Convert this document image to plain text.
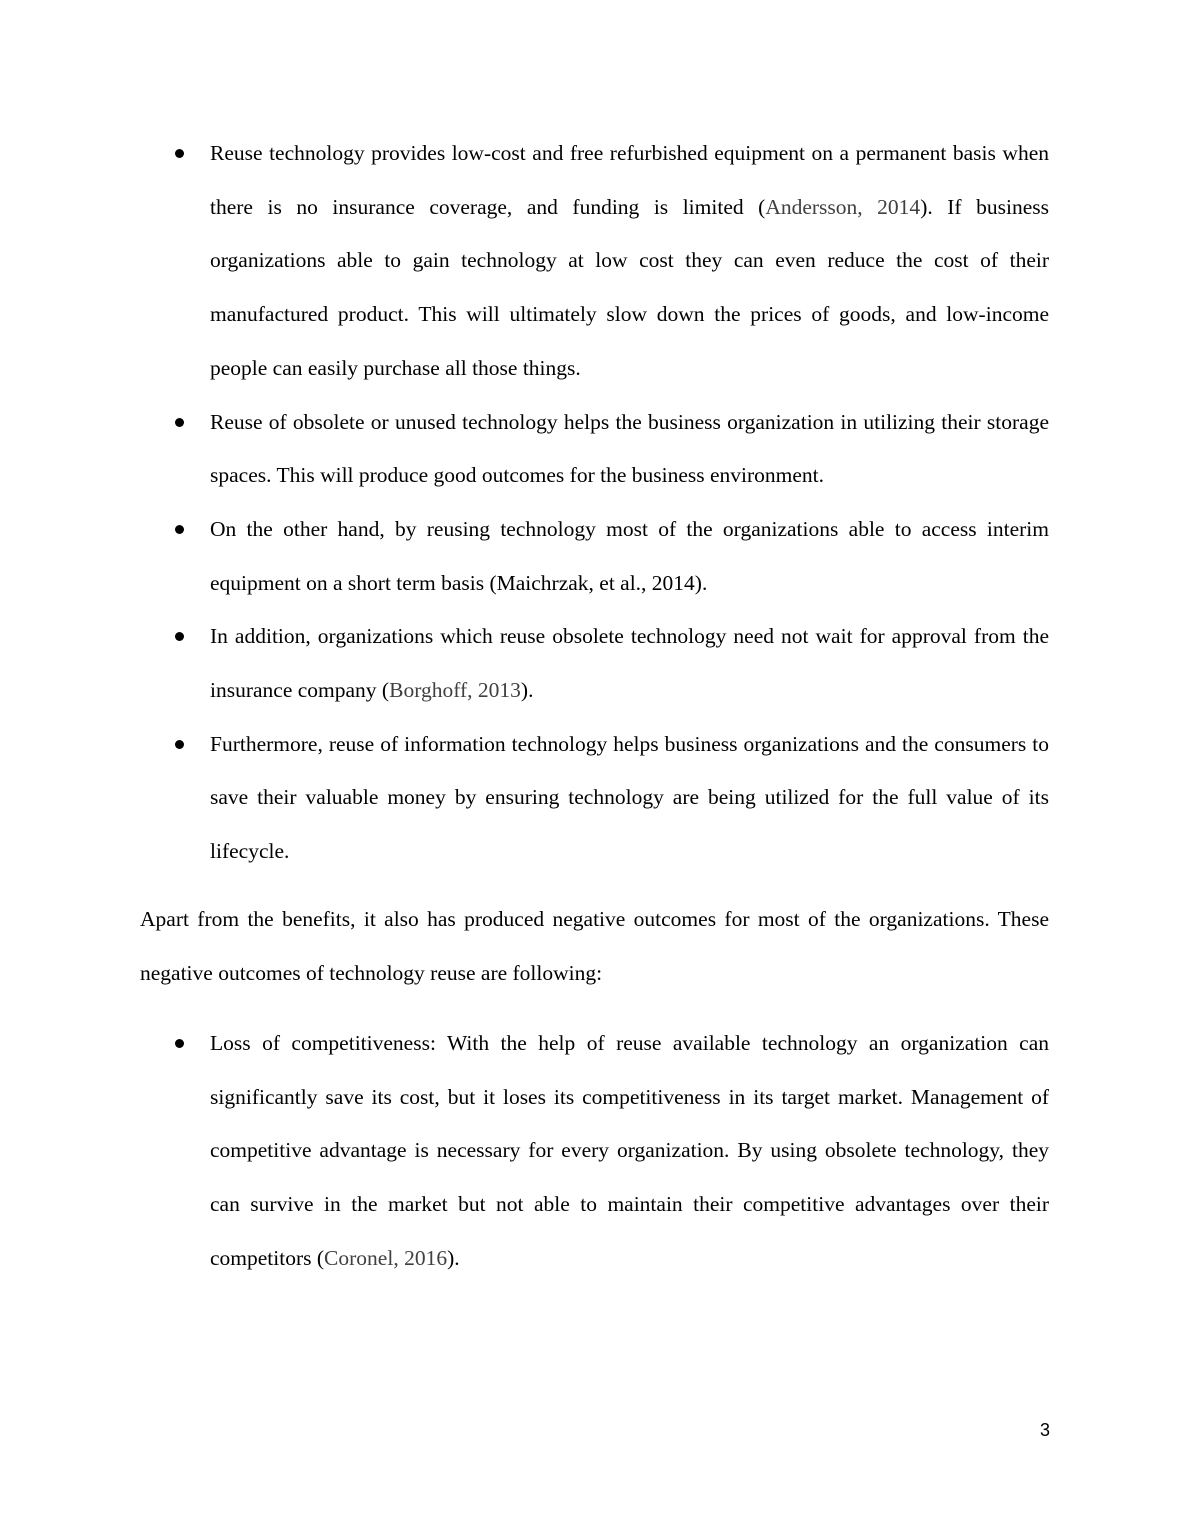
Reuse technology provides low-cost and free refurbished equipment on a permanent basis when there is no insurance coverage, and funding is limited (Andersson, 2014). If business organizations able to gain technology at low cost they can even reduce the cost of their manufactured product. This will ultimately slow down the prices of goods, and low-income people can easily purchase all those things.
Reuse of obsolete or unused technology helps the business organization in utilizing their storage spaces. This will produce good outcomes for the business environment.
On the other hand, by reusing technology most of the organizations able to access interim equipment on a short term basis (Maichrzak, et al., 2014).
In addition, organizations which reuse obsolete technology need not wait for approval from the insurance company (Borghoff, 2013).
Furthermore, reuse of information technology helps business organizations and the consumers to save their valuable money by ensuring technology are being utilized for the full value of its lifecycle.

Apart from the benefits, it also has produced negative outcomes for most of the organizations. These negative outcomes of technology reuse are following:

Loss of competitiveness: With the help of reuse available technology an organization can significantly save its cost, but it loses its competitiveness in its target market. Management of competitive advantage is necessary for every organization. By using obsolete technology, they can survive in the market but not able to maintain their competitive advantages over their competitors (Coronel, 2016).
3
